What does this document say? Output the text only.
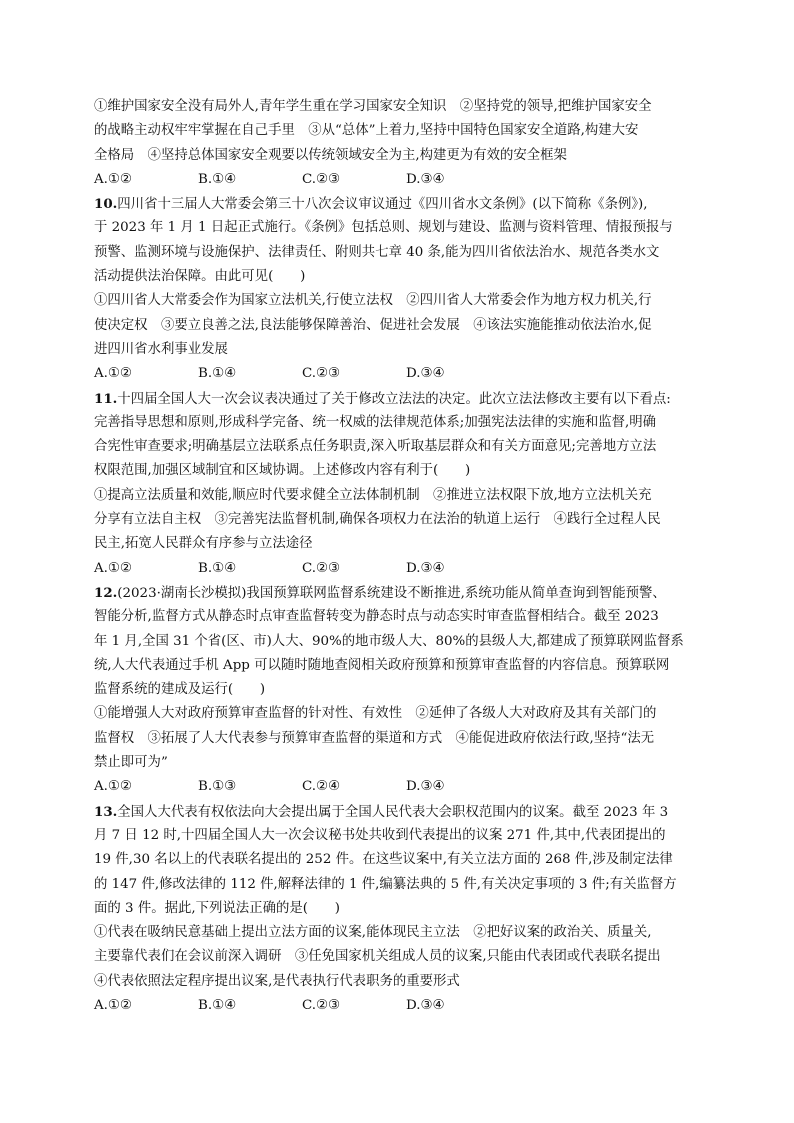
①维护国家安全没有局外人,青年学生重在学习国家安全知识　②坚持党的领导,把维护国家安全
的战略主动权牢牢掌握在自己手里　③从“总体”上着力,坚持中国特色国家安全道路,构建大安
全格局　④坚持总体国家安全观要以传统领域安全为主,构建更为有效的安全框架
A.①②	B.①④	C.②③	D.③④
10.四川省十三届人大常委会第三十八次会议审议通过《四川省水文条例》(以下简称《条例》),
于 2023 年 1 月 1 日起正式施行。《条例》包括总则、规划与建设、监测与资料管理、情报预报与
预警、监测环境与设施保护、法律责任、附则共七章 40 条,能为四川省依法治水、规范各类水文
活动提供法治保障。由此可见(　　)
①四川省人大常委会作为国家立法机关,行使立法权　②四川省人大常委会作为地方权力机关,行
使决定权　③要立良善之法,良法能够保障善治、促进社会发展　④该法实施能推动依法治水,促
进四川省水利事业发展
A.①②	B.①④	C.②③	D.③④
11.十四届全国人大一次会议表决通过了关于修改立法法的决定。此次立法法修改主要有以下看点:
完善指导思想和原则,形成科学完备、统一权威的法律规范体系;加强宪法法律的实施和监督,明确
合宪性审查要求;明确基层立法联系点任务职责,深入听取基层群众和有关方面意见;完善地方立法
权限范围,加强区域制宜和区域协调。上述修改内容有利于(　　)
①提高立法质量和效能,顺应时代要求健全立法体制机制　②推进立法权限下放,地方立法机关充
分享有立法自主权　③完善宪法监督机制,确保各项权力在法治的轨道上运行　④践行全过程人民
民主,拓宽人民群众有序参与立法途径
A.①②	B.①④	C.②③	D.③④
12.(2023·湖南长沙模拟)我国预算联网监督系统建设不断推进,系统功能从简单查询到智能预警、
智能分析,监督方式从静态时点审查监督转变为静态时点与动态实时审查监督相结合。截至 2023
年 1 月,全国 31 个省(区、市)人大、90%的地市级人大、80%的县级人大,都建成了预算联网监督系
统,人大代表通过手机 App 可以随时随地查阅相关政府预算和预算审查监督的内容信息。预算联网
监督系统的建成及运行(　　)
①能增强人大对政府预算审查监督的针对性、有效性　②延伸了各级人大对政府及其有关部门的
监督权　③拓展了人大代表参与预算审查监督的渠道和方式　④能促进政府依法行政,坚持“法无
禁止即可为”
A.①②	B.①③	C.②④	D.③④
13.全国人大代表有权依法向大会提出属于全国人民代表大会职权范围内的议案。截至 2023 年 3
月 7 日 12 时,十四届全国人大一次会议秘书处共收到代表提出的议案 271 件,其中,代表团提出的
19 件,30 名以上的代表联名提出的 252 件。在这些议案中,有关立法方面的 268 件,涉及制定法律
的 147 件,修改法律的 112 件,解释法律的 1 件,编纂法典的 5 件,有关决定事项的 3 件;有关监督方
面的 3 件。据此,下列说法正确的是(　　)
①代表在吸纳民意基础上提出立法方面的议案,能体现民主立法　②把好议案的政治关、质量关,
主要靠代表们在会议前深入调研　③任免国家机关组成人员的议案,只能由代表团或代表联名提出
④代表依照法定程序提出议案,是代表执行代表职务的重要形式
A.①②	B.①④	C.②③	D.③④
